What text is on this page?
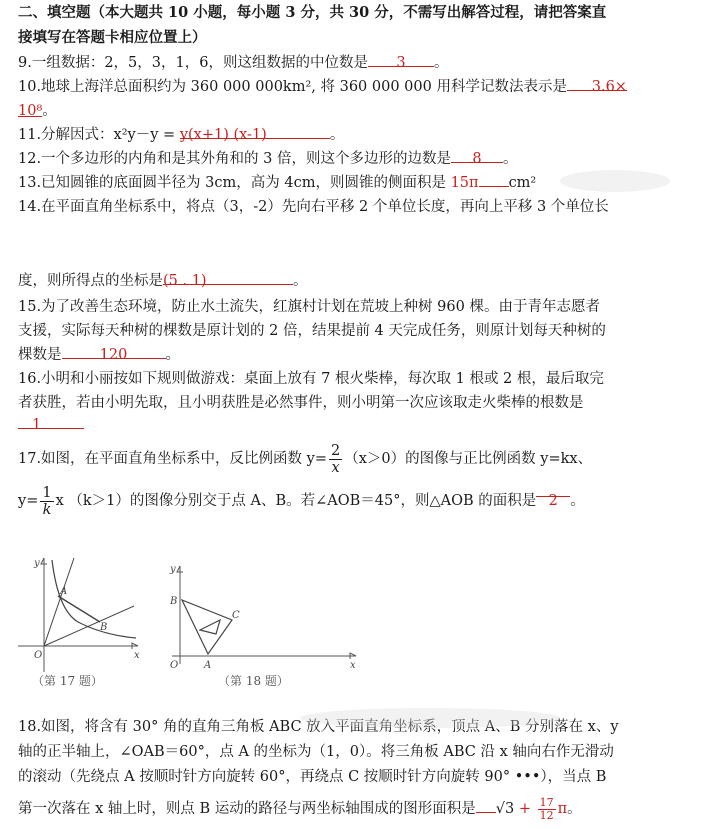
二、填空题（本大题共 10 小题，每小题 3 分，共 30 分，不需写出解答过程，请把答案直
接填写在答题卡相应位置上）
9.一组数据：2，5，3，1，6，则这组数据的中位数是 3 。
10.地球上海洋总面积约为 360 000 000km², 将 360 000 000 用科学记数法表示是 3.6×
10⁸。
11.分解因式：x²y－y = y(x+1) (x-1)	。
12.一个多边形的内角和是其外角和的 3 倍，则这个多边形的边数是 8 。
13.已知圆锥的底面圆半径为 3cm，高为 4cm，则圆锥的侧面积是 15π cm²
14.在平面直角坐标系中，将点（3，-2）先向右平移 2 个单位长度，再向上平移 3 个单位长
度，则所得点的坐标是(5 . 1)	。
15.为了改善生态环境，防止水土流失，红旗村计划在荒坡上种树 960 棵。由于青年志愿者
支援，实际每天种树的棵数是原计划的 2 倍，结果提前 4 天完成任务，则原计划每天种树的
棵数是	120	。
16.小明和小丽按如下规则做游戏：桌面上放有 7 根火柴棒，每次取 1 根或 2 根，最后取完
者获胜，若由小明先取，且小明获胜是必然事件，则小明第一次应该取走火柴棒的根数是
1
17.如图，在平面直角坐标系中，反比例函数 $y= \frac{2}{x} (x>0)$的图像与正比例函数 y=kx、
$y= \frac{1}{k}$ x （k＞1）的图像分别交于点 A、B。若∠AOB＝45°，则△AOB 的面积是 2 。
y
A
B
O	x
（第 17 题）
y
B
C
O	A	x
（第 18 题）
18.如图，将含有 30° 角的直角三角板 ABC 放入平面直角坐标系，顶点 A、B 分别落在 x、y
轴的正半轴上，∠OAB＝60°，点 A 的坐标为（1，0）。将三角板 ABC 沿 x 轴向右作无滑动
的滚动（先绕点 A 按顺时针方向旋转 60°，再绕点 C 按顺时针方向旋转 90° •••），当点 B
第一次落在 x 轴上时，则点 B 运动的路径与两坐标轴围成的图形面积是 $√3 + \frac{17}{12}$ π。
